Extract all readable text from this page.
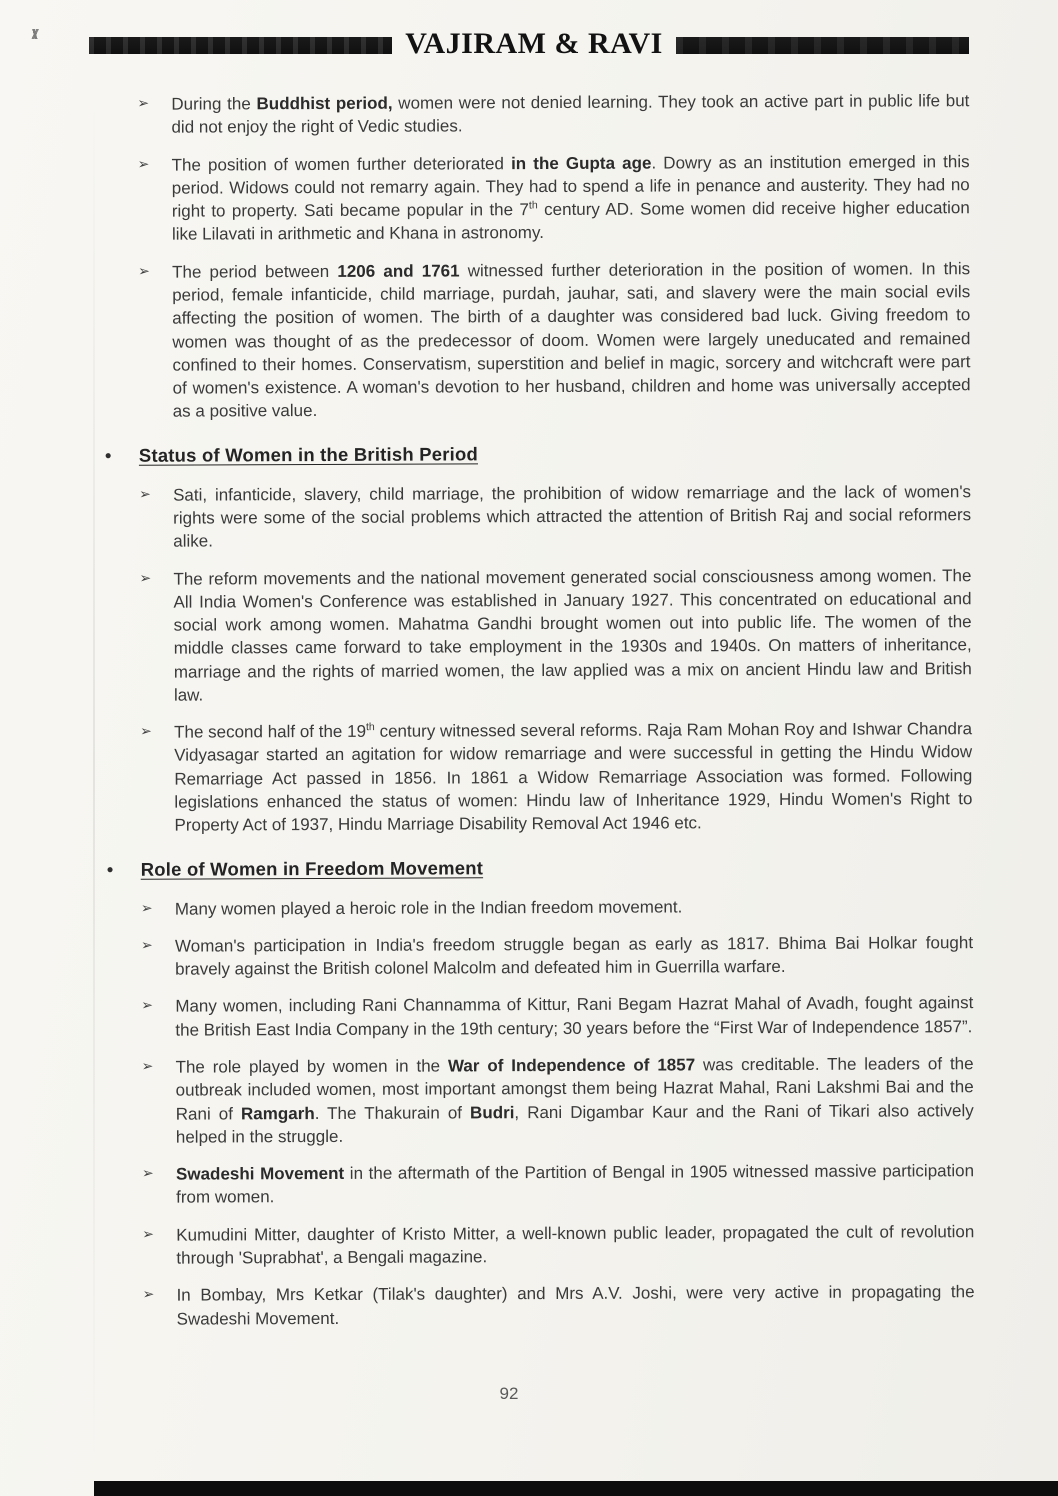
VAJIRAM & RAVI
➢	During the Buddhist period, women were not denied learning. They took an active part in public life but did not enjoy the right of Vedic studies.
➢	The position of women further deteriorated in the Gupta age. Dowry as an institution emerged in this period. Widows could not remarry again. They had to spend a life in penance and austerity. They had no right to property. Sati became popular in the 7th century AD. Some women did receive higher education like Lilavati in arithmetic and Khana in astronomy.
➢	The period between 1206 and 1761 witnessed further deterioration in the position of women. In this period, female infanticide, child marriage, purdah, jauhar, sati, and slavery were the main social evils affecting the position of women. The birth of a daughter was considered bad luck. Giving freedom to women was thought of as the predecessor of doom. Women were largely uneducated and remained confined to their homes. Conservatism, superstition and belief in magic, sorcery and witchcraft were part of women's existence. A woman's devotion to her husband, children and home was universally accepted as a positive value.
•	Status of Women in the British Period
➢	Sati, infanticide, slavery, child marriage, the prohibition of widow remarriage and the lack of women's rights were some of the social problems which attracted the attention of British Raj and social reformers alike.
➢	The reform movements and the national movement generated social consciousness among women. The All India Women's Conference was established in January 1927. This concentrated on educational and social work among women. Mahatma Gandhi brought women out into public life. The women of the middle classes came forward to take employment in the 1930s and 1940s. On matters of inheritance, marriage and the rights of married women, the law applied was a mix on ancient Hindu law and British law.
➢	The second half of the 19th century witnessed several reforms. Raja Ram Mohan Roy and Ishwar Chandra Vidyasagar started an agitation for widow remarriage and were successful in getting the Hindu Widow Remarriage Act passed in 1856. In 1861 a Widow Remarriage Association was formed. Following legislations enhanced the status of women: Hindu law of Inheritance 1929, Hindu Women's Right to Property Act of 1937, Hindu Marriage Disability Removal Act 1946 etc.
•	Role of Women in Freedom Movement
➢	Many women played a heroic role in the Indian freedom movement.
➢	Woman's participation in India's freedom struggle began as early as 1817. Bhima Bai Holkar fought bravely against the British colonel Malcolm and defeated him in Guerrilla warfare.
➢	Many women, including Rani Channamma of Kittur, Rani Begam Hazrat Mahal of Avadh, fought against the British East India Company in the 19th century; 30 years before the “First War of Independence 1857”.
➢	The role played by women in the War of Independence of 1857 was creditable. The leaders of the outbreak included women, most important amongst them being Hazrat Mahal, Rani Lakshmi Bai and the Rani of Ramgarh. The Thakurain of Budri, Rani Digambar Kaur and the Rani of Tikari also actively helped in the struggle.
➢	Swadeshi Movement in the aftermath of the Partition of Bengal in 1905 witnessed massive participation from women.
➢	Kumudini Mitter, daughter of Kristo Mitter, a well-known public leader, propagated the cult of revolution through 'Suprabhat', a Bengali magazine.
➢	In Bombay, Mrs Ketkar (Tilak's daughter) and Mrs A.V. Joshi, were very active in propagating the Swadeshi Movement.
92
